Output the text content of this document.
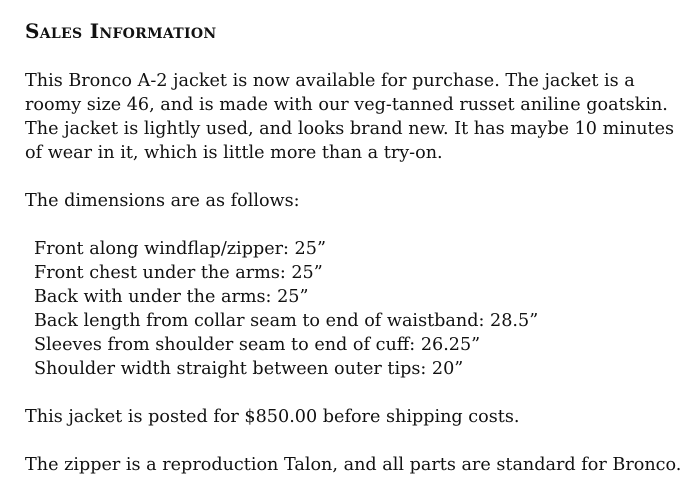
Sales Information

This Bronco A-2 jacket is now available for purchase. The jacket is a roomy size 46, and is made with our veg-tanned russet aniline goatskin. The jacket is lightly used, and looks brand new. It has maybe 10 minutes of wear in it, which is little more than a try-on.

The dimensions are as follows:

Front along windflap/zipper: 25”
Front chest under the arms: 25”
Back with under the arms: 25”
Back length from collar seam to end of waistband: 28.5”
Sleeves from shoulder seam to end of cuff: 26.25”
Shoulder width straight between outer tips: 20”

This jacket is posted for $850.00 before shipping costs.

The zipper is a reproduction Talon, and all parts are standard for Bronco.
